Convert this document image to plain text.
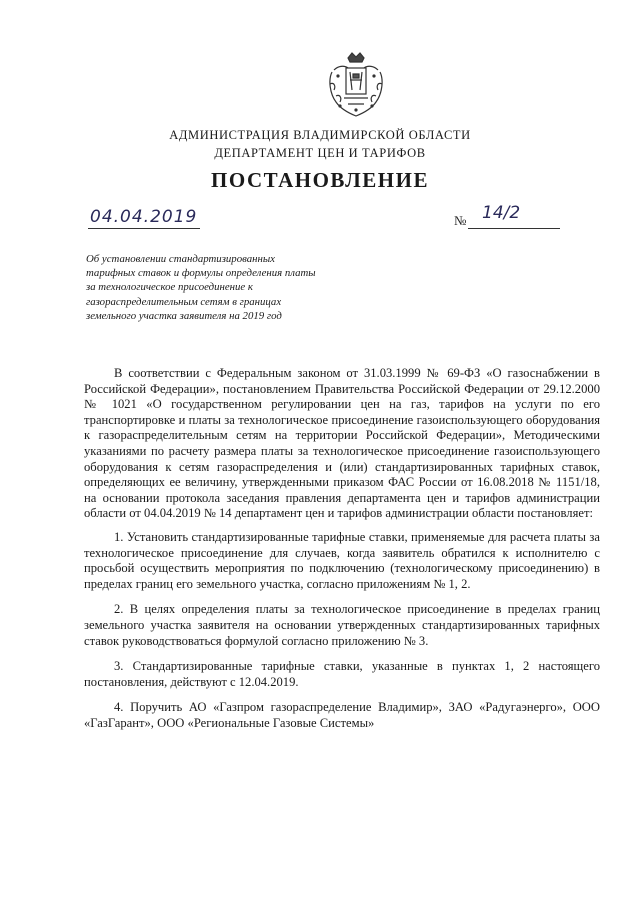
АДМИНИСТРАЦИЯ ВЛАДИМИРСКОЙ ОБЛАСТИ
ДЕПАРТАМЕНТ ЦЕН И ТАРИФОВ
ПОСТАНОВЛЕНИЕ
04.04.2019	№ 14/2
Об установлении стандартизированных тарифных ставок и формулы определения платы за технологическое присоединение к газораспределительным сетям в границах земельного участка заявителя на 2019 год

В соответствии с Федеральным законом от 31.03.1999 № 69-ФЗ «О газоснабжении в Российской Федерации», постановлением Правительства Российской Федерации от 29.12.2000 № 1021 «О государственном регулировании цен на газ, тарифов на услуги по его транспортировке и платы за технологическое присоединение газоиспользующего оборудования к газораспределительным сетям на территории Российской Федерации», Методическими указаниями по расчету размера платы за технологическое присоединение газоиспользующего оборудования к сетям газораспределения и (или) стандартизированных тарифных ставок, определяющих ее величину, утвержденными приказом ФАС России от 16.08.2018 № 1151/18, на основании протокола заседания правления департамента цен и тарифов администрации области от 04.04.2019 № 14 департамент цен и тарифов администрации области постановляет:

1. Установить стандартизированные тарифные ставки, применяемые для расчета платы за технологическое присоединение для случаев, когда заявитель обратился к исполнителю с просьбой осуществить мероприятия по подключению (технологическому присоединению) в пределах границ его земельного участка, согласно приложениям № 1, 2.

2. В целях определения платы за технологическое присоединение в пределах границ земельного участка заявителя на основании утвержденных стандартизированных тарифных ставок руководствоваться формулой согласно приложению № 3.

3. Стандартизированные тарифные ставки, указанные в пунктах 1, 2 настоящего постановления, действуют с 12.04.2019.

4. Поручить АО «Газпром газораспределение Владимир», ЗАО «Радугаэнерго», ООО «ГазГарант», ООО «Региональные Газовые Системы»
